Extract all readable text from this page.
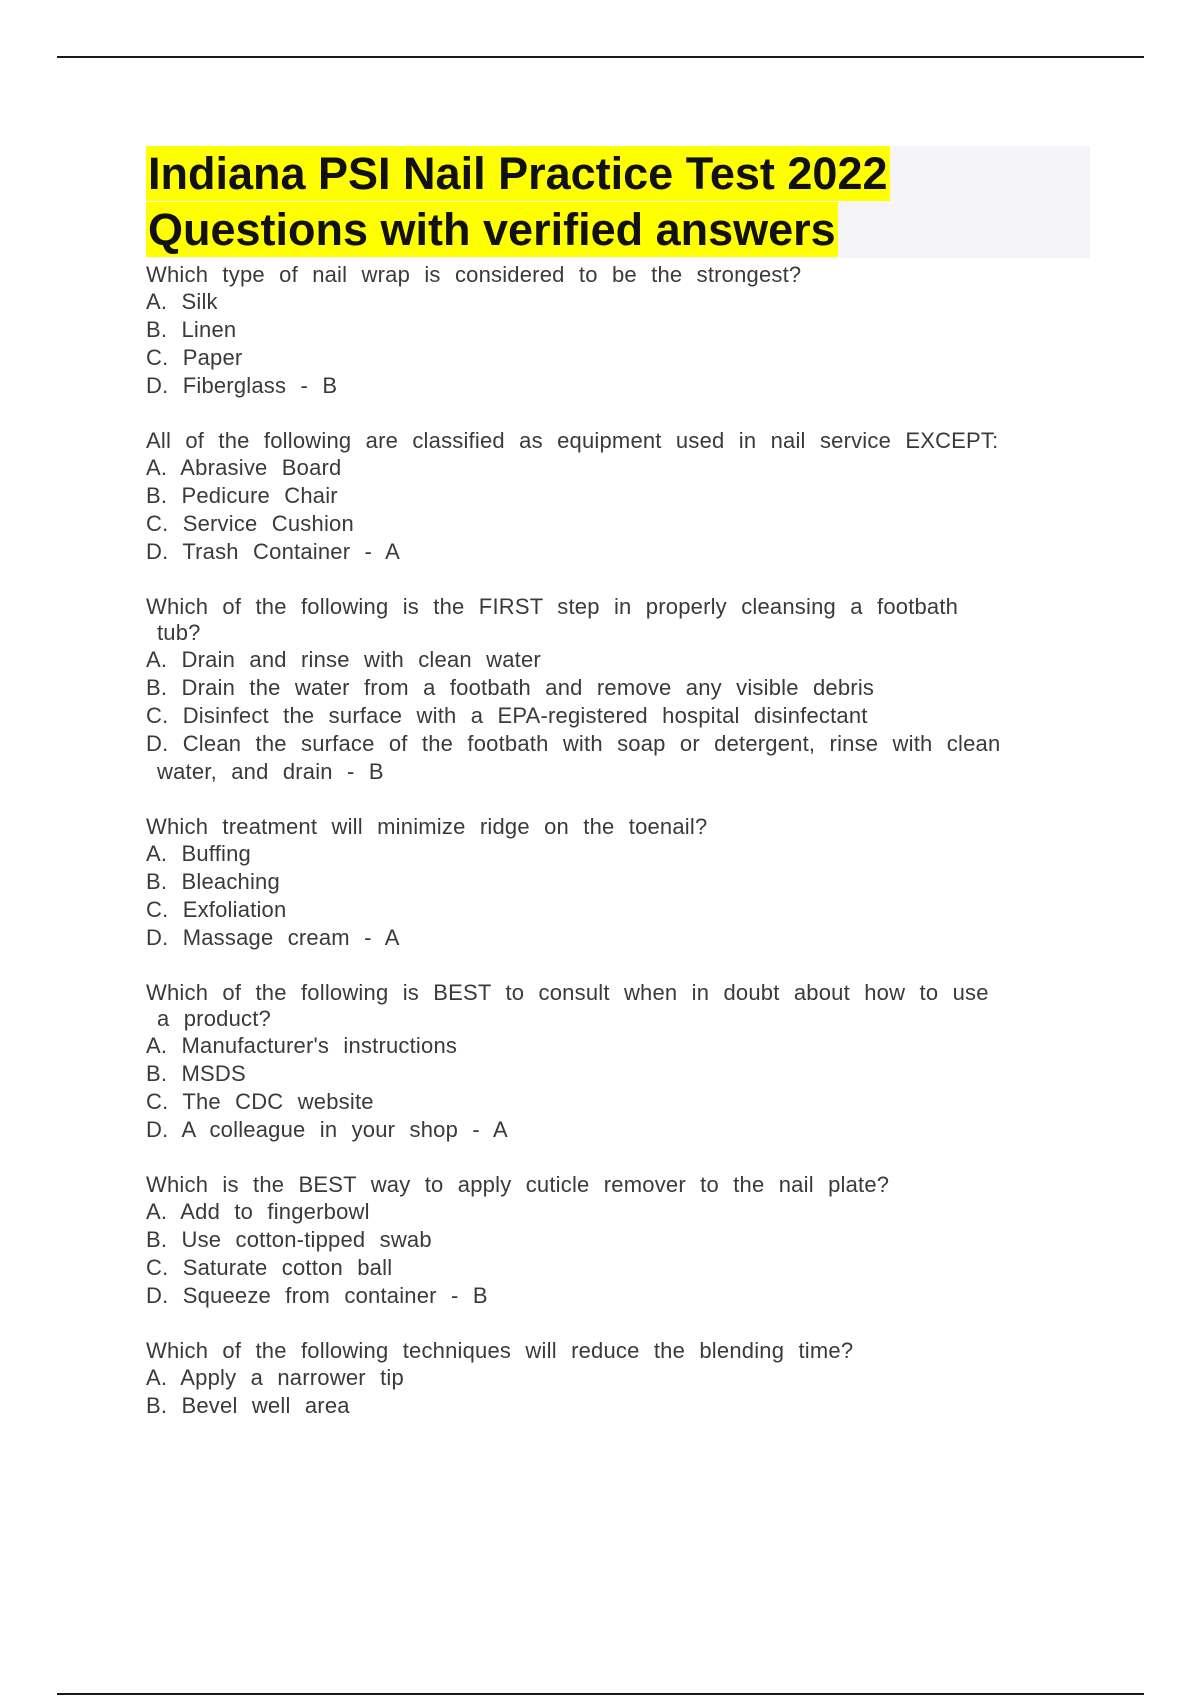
Indiana PSI Nail Practice Test 2022
Questions with verified answers

Which type of nail wrap is considered to be the strongest?

A. Silk

B. Linen

C. Paper

D. Fiberglass - B

All of the following are classified as equipment used in nail service EXCEPT:

A. Abrasive Board

B. Pedicure Chair

C. Service Cushion

D. Trash Container - A

Which of the following is the FIRST step in properly cleansing a footbath
tub?

A. Drain and rinse with clean water

B. Drain the water from a footbath and remove any visible debris

C. Disinfect the surface with a EPA-registered hospital disinfectant

D. Clean the surface of the footbath with soap or detergent, rinse with clean
water, and drain - B

Which treatment will minimize ridge on the toenail?

A. Buffing

B. Bleaching

C. Exfoliation

D. Massage cream - A

Which of the following is BEST to consult when in doubt about how to use
a product?

A. Manufacturer's instructions

B. MSDS

C. The CDC website

D. A colleague in your shop - A

Which is the BEST way to apply cuticle remover to the nail plate?

A. Add to fingerbowl

B. Use cotton-tipped swab

C. Saturate cotton ball

D. Squeeze from container - B

Which of the following techniques will reduce the blending time?

A. Apply a narrower tip

B. Bevel well area
